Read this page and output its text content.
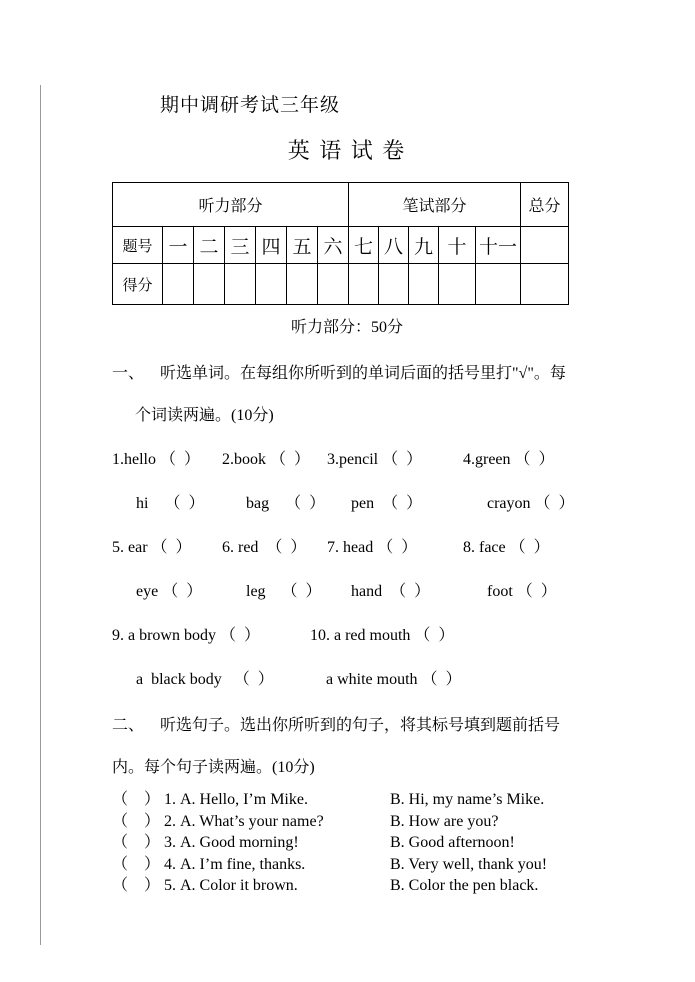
期中调研考试三年级
英 语 试 卷
听力部分							笔试部分					总分
题号	一	二	三	四	五	六	七	八	九	十	十一	
得分												
听力部分：50分
一、 听选单词。在每组你所听到的单词后面的括号里打"√"。每
个词读两遍。(10分)
1.hello （  ）	2.book （  ）	3.pencil （  ）	4.green （  ）
hi    （  ）	bag    （  ）	pen  （  ）	crayon （  ）
5. ear （  ）	6. red  （  ）	7. head （  ）	8. face （  ）
eye （  ）	leg    （  ）	hand  （  ）	foot （  ）
9. a brown body （  ）	10. a red mouth （  ）
a  black body   （  ）	a white mouth （  ）
二、 听选句子。选出你所听到的句子，将其标号填到题前括号
内。每个句子读两遍。(10分)
（    ） 1. A. Hello, I’m Mike.	B. Hi, my name’s Mike.
（    ） 2. A. What’s your name?	B. How are you?
（    ） 3. A. Good morning!	B. Good afternoon!
（    ） 4. A. I’m fine, thanks.	B. Very well, thank you!
（    ） 5. A. Color it brown.	B. Color the pen black.
